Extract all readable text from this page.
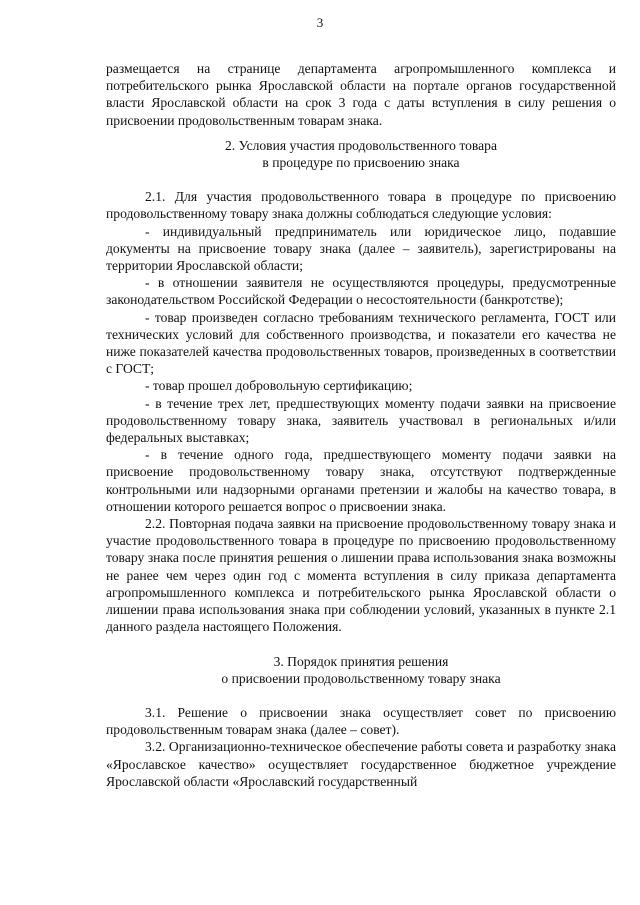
3

размещается на странице департамента агропромышленного комплекса и потребительского рынка Ярославской области на портале органов государственной власти Ярославской области на срок 3 года с даты вступления в силу решения о присвоении продовольственным товарам знака.

2. Условия участия продовольственного товара

в процедуре по присвоению знака

2.1. Для участия продовольственного товара в процедуре по присвоению продовольственному товару знака должны соблюдаться следующие условия:

- индивидуальный предприниматель или юридическое лицо, подавшие документы на присвоение товару знака (далее – заявитель), зарегистрированы на территории Ярославской области;

- в отношении заявителя не осуществляются процедуры, предусмотренные законодательством Российской Федерации о несостоятельности (банкротстве);

- товар произведен согласно требованиям технического регламента, ГОСТ или технических условий для собственного производства, и показатели его качества не ниже показателей качества продовольственных товаров, произведенных в соответствии с ГОСТ;

- товар прошел добровольную сертификацию;

- в течение трех лет, предшествующих моменту подачи заявки на присвоение продовольственному товару знака, заявитель участвовал в региональных и/или федеральных выставках;

- в течение одного года, предшествующего моменту подачи заявки на присвоение продовольственному товару знака, отсутствуют подтвержденные контрольными или надзорными органами претензии и жалобы на качество товара, в отношении которого решается вопрос о присвоении знака.

2.2. Повторная подача заявки на присвоение продовольственному товару знака и участие продовольственного товара в процедуре по присвоению продовольственному товару знака после принятия решения о лишении права использования знака возможны не ранее чем через один год с момента вступления в силу приказа департамента агропромышленного комплекса и потребительского рынка Ярославской области о лишении права использования знака при соблюдении условий, указанных в пункте 2.1 данного раздела настоящего Положения.

3. Порядок принятия решения

о присвоении продовольственному товару знака

3.1. Решение о присвоении знака осуществляет совет по присвоению продовольственным товарам знака (далее – совет).

3.2. Организационно-техническое обеспечение работы совета и разработку знака «Ярославское качество» осуществляет государственное бюджетное учреждение Ярославской области «Ярославский государственный
